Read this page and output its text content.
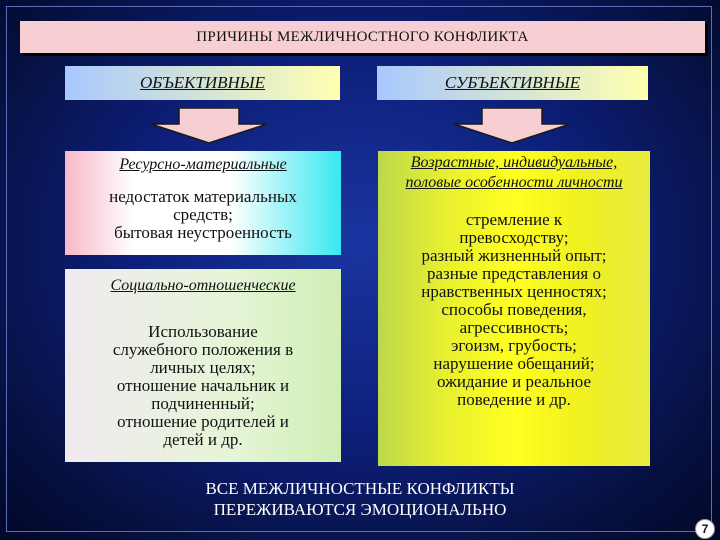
ПРИЧИНЫ МЕЖЛИЧНОСТНОГО КОНФЛИКТА
ОБЪЕКТИВНЫЕ	СУБЪЕКТИВНЫЕ
Ресурсно-материальные
недостаток материальных
средств;
бытовая неустроенность
Социально-отношенческие
Использование
служебного положения в
личных целях;
отношение начальник и
подчиненный;
отношение родителей и
детей и др.
Возрастные, индивидуальные,
половые особенности личности
стремление к
превосходству;
разный жизненный опыт;
разные представления о
нравственных ценностях;
способы поведения,
агрессивность;
эгоизм, грубость;
нарушение обещаний;
ожидание и реальное
поведение и др.
ВСЕ МЕЖЛИЧНОСТНЫЕ КОНФЛИКТЫ
ПЕРЕЖИВАЮТСЯ ЭМОЦИОНАЛЬНО
7
